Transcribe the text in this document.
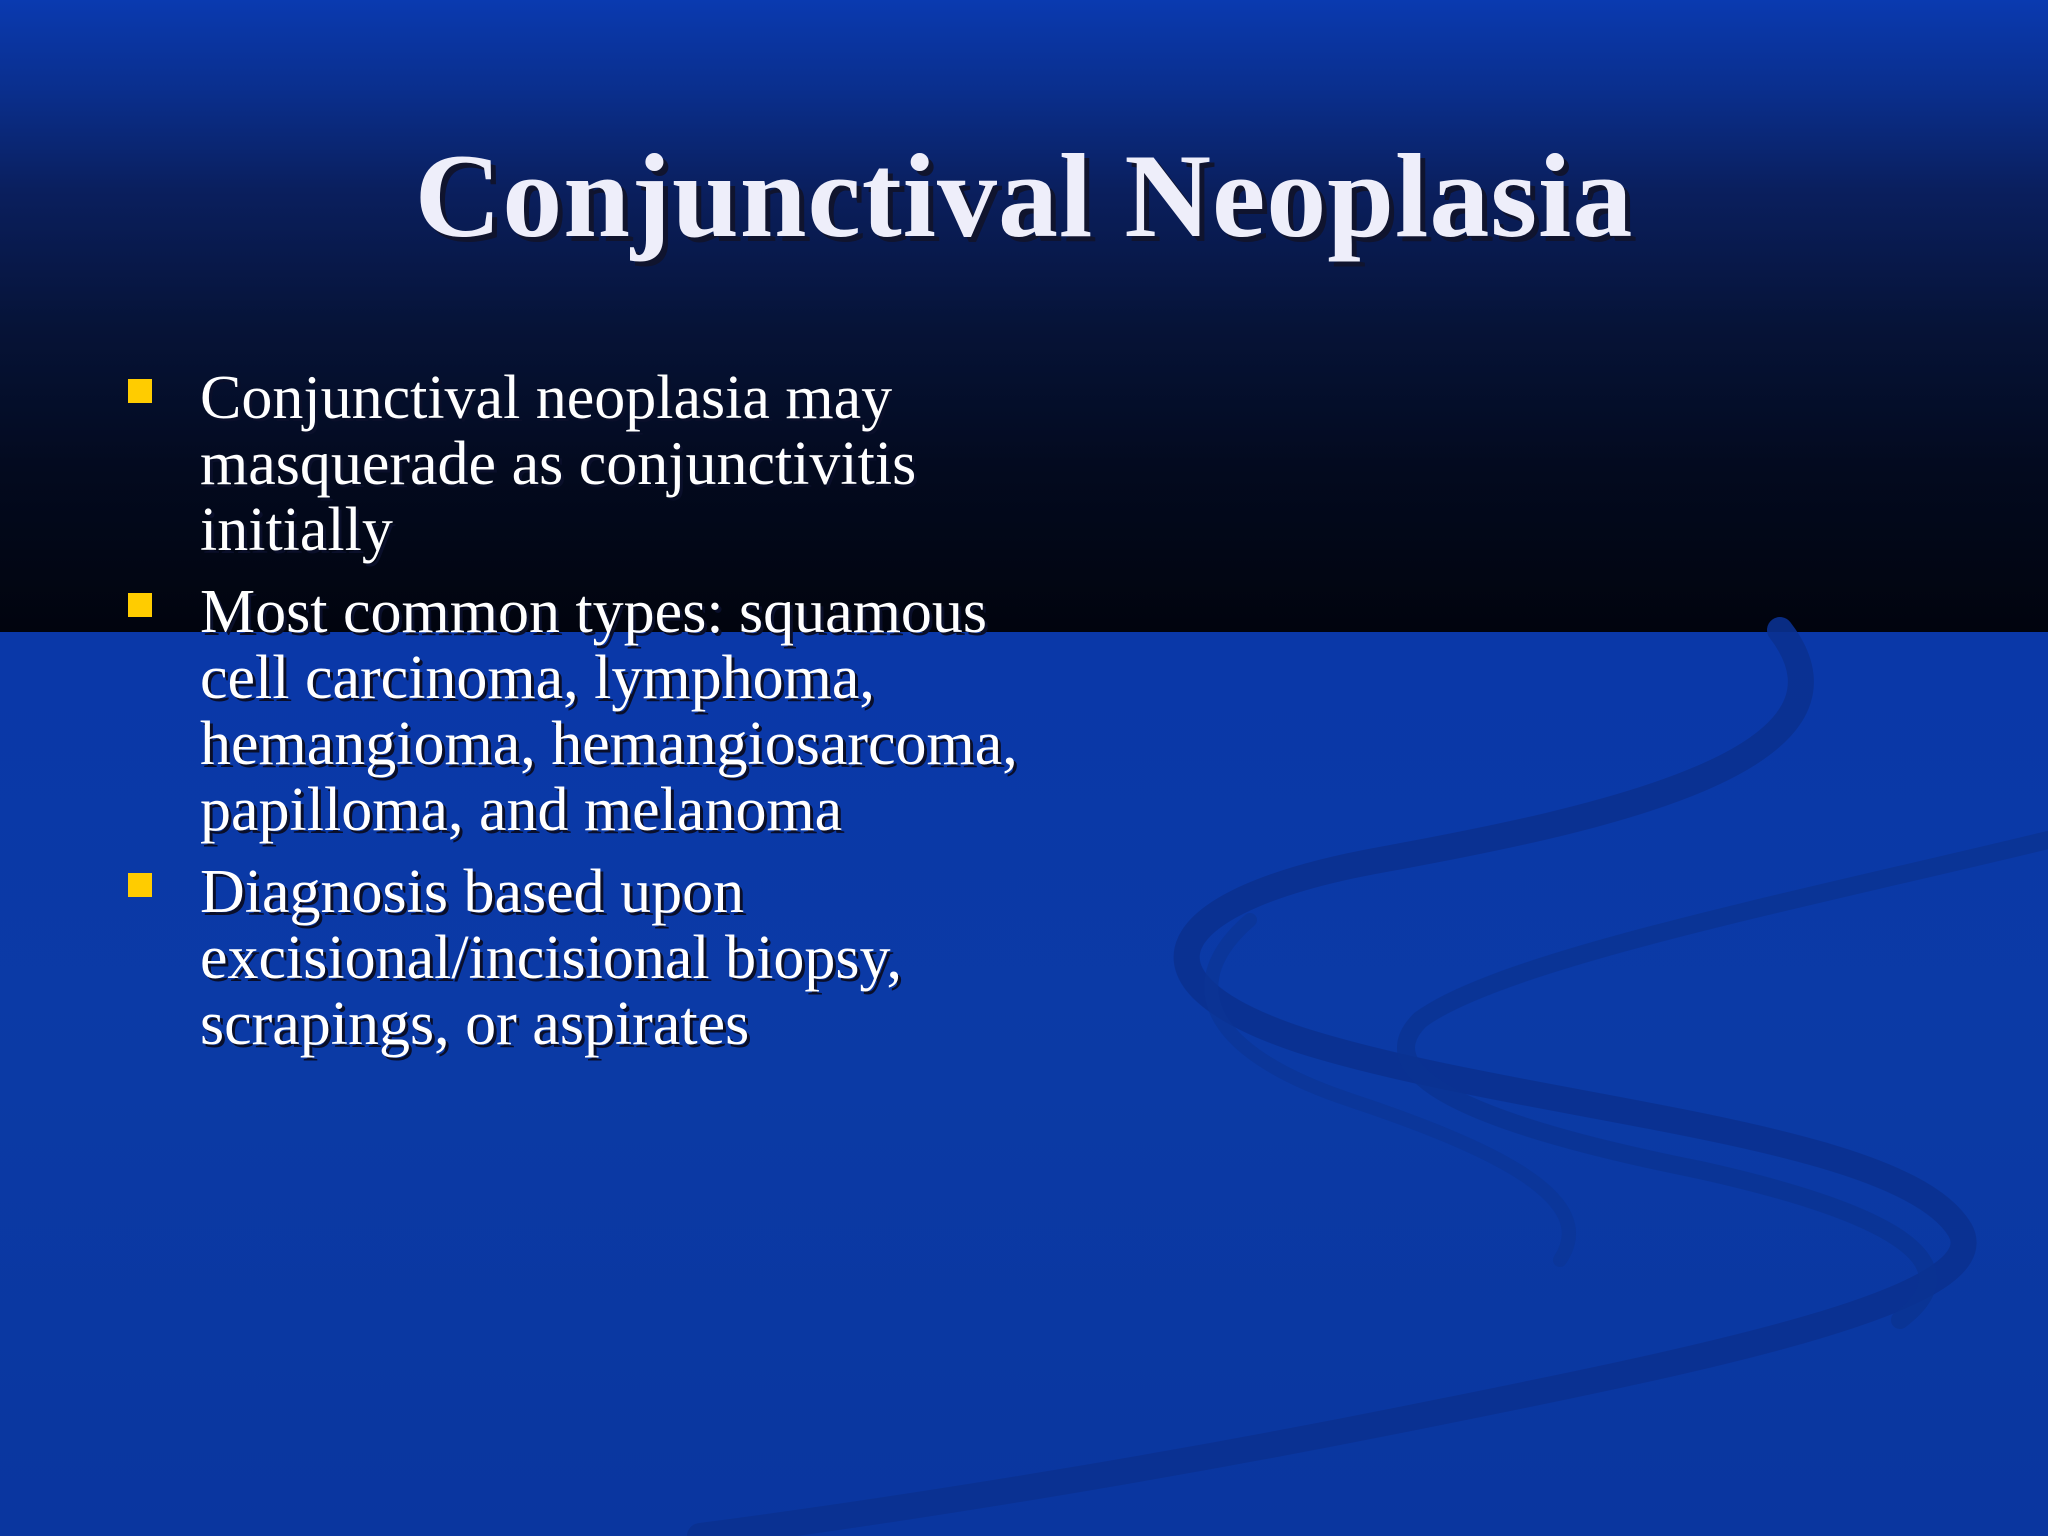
Conjunctival Neoplasia
Conjunctival neoplasia may masquerade as conjunctivitis initially
Most common types: squamous cell carcinoma, lymphoma, hemangioma, hemangiosarcoma, papilloma, and melanoma
Diagnosis based upon excisional/incisional biopsy, scrapings, or aspirates
